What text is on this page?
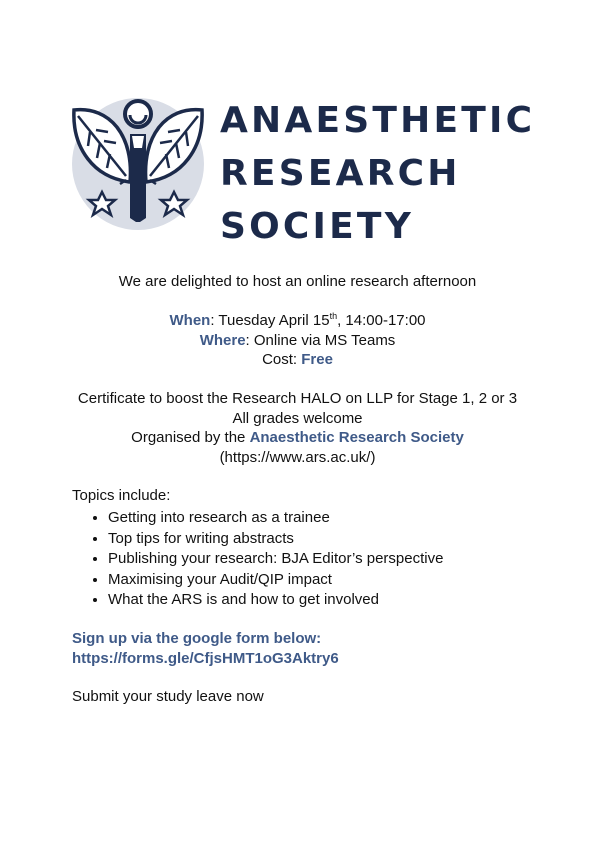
ANAESTHETIC
RESEARCH
SOCIETY
We are delighted to host an online research afternoon
When: Tuesday April 15th, 14:00-17:00
Where: Online via MS Teams
Cost: Free
Certificate to boost the Research HALO on LLP for Stage 1, 2 or 3
All grades welcome
Organised by the Anaesthetic Research Society
(https://www.ars.ac.uk/)
Topics include:
• Getting into research as a trainee
• Top tips for writing abstracts
• Publishing your research: BJA Editor’s perspective
• Maximising your Audit/QIP impact
• What the ARS is and how to get involved
Sign up via the google form below:
https://forms.gle/CfjsHMT1oG3Aktry6
Submit your study leave now
